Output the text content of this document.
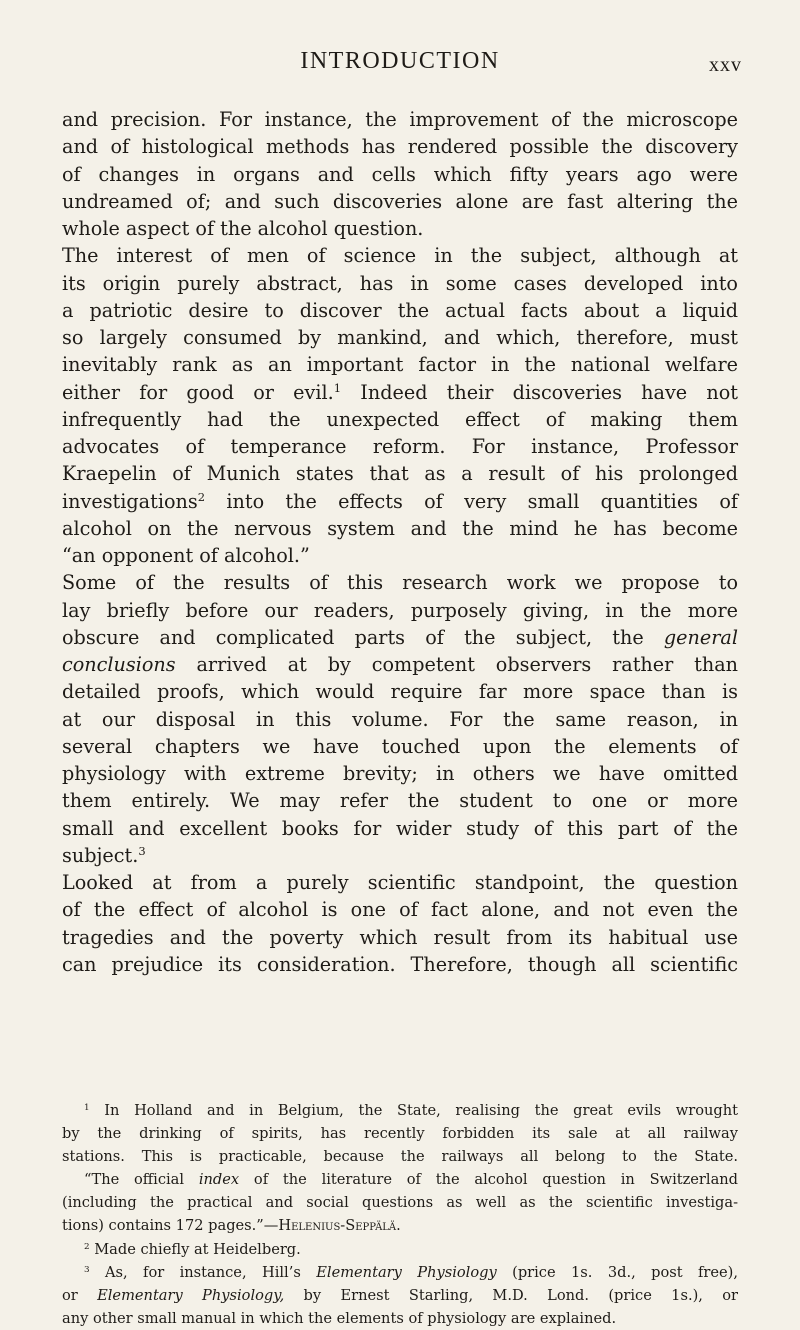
INTRODUCTION	xxv
and precision. For instance, the improvement of the microscope
and of histological methods has rendered possible the discovery
of changes in organs and cells which fifty years ago were
undreamed of; and such discoveries alone are fast altering the
whole aspect of the alcohol question.
The interest of men of science in the subject, although at
its origin purely abstract, has in some cases developed into
a patriotic desire to discover the actual facts about a liquid
so largely consumed by mankind, and which, therefore, must
inevitably rank as an important factor in the national welfare
either for good or evil.$^1$ Indeed their discoveries have not
infrequently had the unexpected effect of making them
advocates of temperance reform. For instance, Professor
Kraepelin of Munich states that as a result of his prolonged
investigations$^2$ into the effects of very small quantities of
alcohol on the nervous system and the mind he has become
“an opponent of alcohol.”
Some of the results of this research work we propose to
lay briefly before our readers, purposely giving, in the more
obscure and complicated parts of the subject, the general
conclusions arrived at by competent observers rather than
detailed proofs, which would require far more space than is
at our disposal in this volume. For the same reason, in
several chapters we have touched upon the elements of
physiology with extreme brevity; in others we have omitted
them entirely. We may refer the student to one or more
small and excellent books for wider study of this part of the
subject.$^3$
Looked at from a purely scientific standpoint, the question
of the effect of alcohol is one of fact alone, and not even the
tragedies and the poverty which result from its habitual use
can prejudice its consideration. Therefore, though all scientific
$^1$ In Holland and in Belgium, the State, realising the great evils wrought
by the drinking of spirits, has recently forbidden its sale at all railway
stations. This is practicable, because the railways all belong to the State.
“The official index of the literature of the alcohol question in Switzerland
(including the practical and social questions as well as the scientific investiga-
tions) contains 172 pages.”—Helenius-Seppälä.
$^2$ Made chiefly at Heidelberg.
$^3$ As, for instance, Hill’s Elementary Physiology (price 1s. 3d., post free),
or Elementary Physiology, by Ernest Starling, M.D. Lond. (price 1s.), or
any other small manual in which the elements of physiology are explained.
